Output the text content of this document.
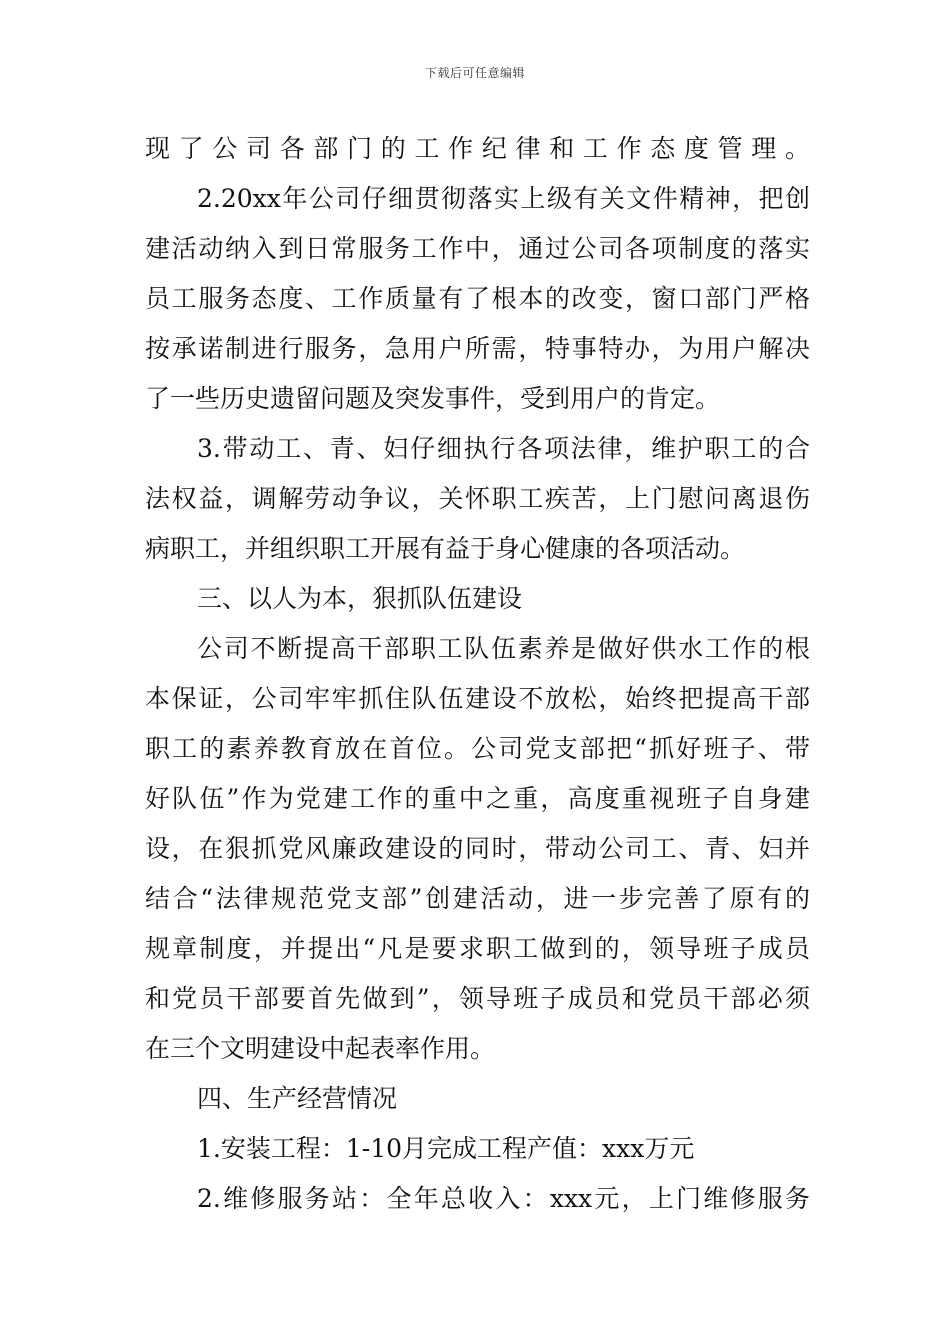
下载后可任意编辑
现了公司各部门的工作纪律和工作态度管理。
2.20xx年公司仔细贯彻落实上级有关文件精神，把创
建活动纳入到日常服务工作中，通过公司各项制度的落实
员工服务态度、工作质量有了根本的改变，窗口部门严格
按承诺制进行服务，急用户所需，特事特办，为用户解决
了一些历史遗留问题及突发事件，受到用户的肯定。
3.带动工、青、妇仔细执行各项法律，维护职工的合
法权益，调解劳动争议，关怀职工疾苦，上门慰问离退伤
病职工，并组织职工开展有益于身心健康的各项活动。
三、以人为本，狠抓队伍建设
公司不断提高干部职工队伍素养是做好供水工作的根
本保证，公司牢牢抓住队伍建设不放松，始终把提高干部
职工的素养教育放在首位。公司党支部把“抓好班子、带
好队伍”作为党建工作的重中之重，高度重视班子自身建
设，在狠抓党风廉政建设的同时，带动公司工、青、妇并
结合“法律规范党支部”创建活动，进一步完善了原有的
规章制度，并提出“凡是要求职工做到的，领导班子成员
和党员干部要首先做到”，领导班子成员和党员干部必须
在三个文明建设中起表率作用。
四、生产经营情况
1.安装工程：1-10月完成工程产值：xxx万元
2.维修服务站：全年总收入：xxx元，上门维修服务
